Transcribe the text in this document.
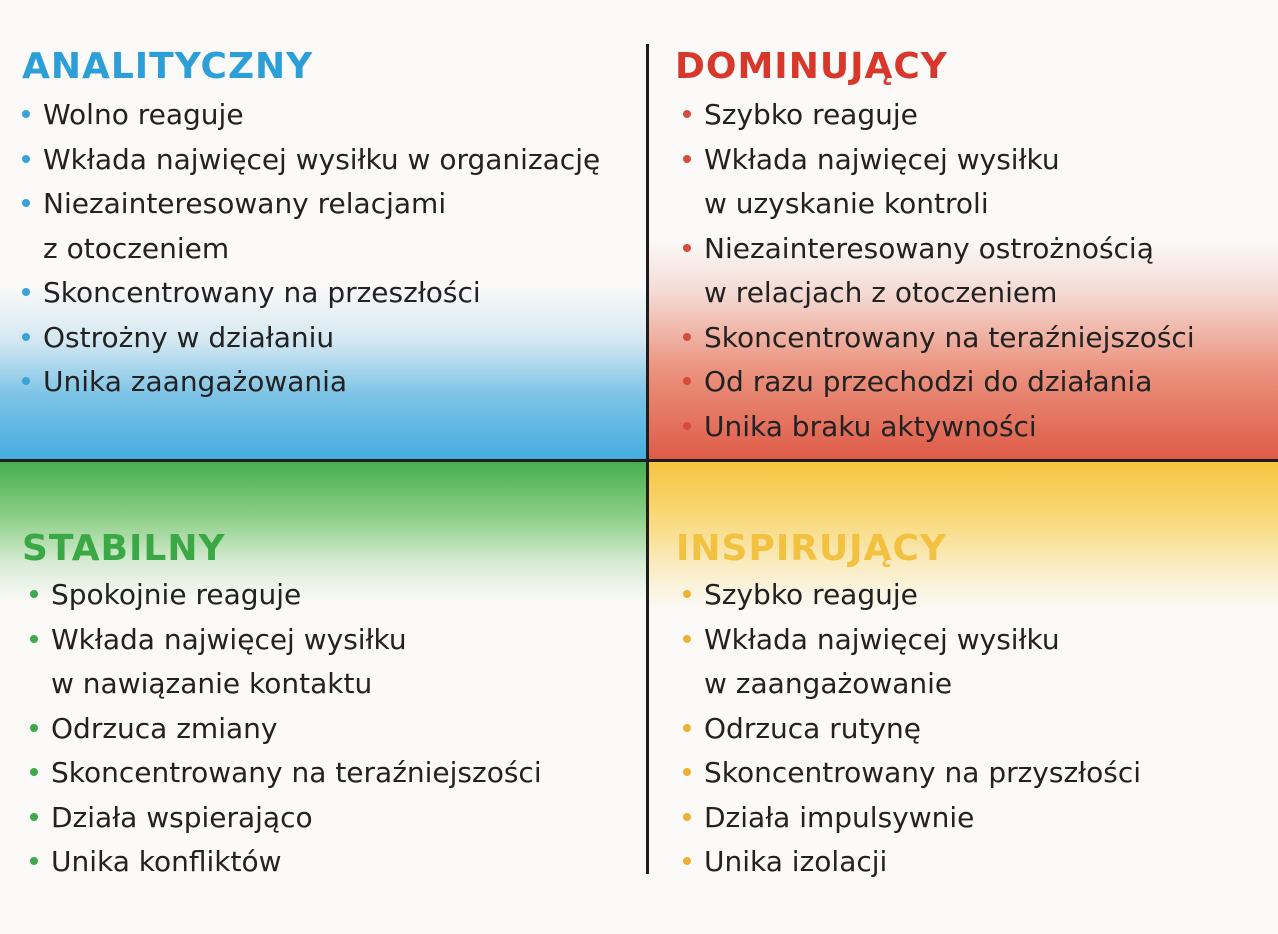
ANALITYCZNY
Wolno reaguje
Wkłada najwięcej wysiłku w organizację
Niezainteresowany relacjami
z otoczeniem
Skoncentrowany na przeszłości
Ostrożny w działaniu
Unika zaangażowania
DOMINUJĄCY
Szybko reaguje
Wkłada najwięcej wysiłku
w uzyskanie kontroli
Niezainteresowany ostrożnością
w relacjach z otoczeniem
Skoncentrowany na teraźniejszości
Od razu przechodzi do działania
Unika braku aktywności
STABILNY
Spokojnie reaguje
Wkłada najwięcej wysiłku
w nawiązanie kontaktu
Odrzuca zmiany
Skoncentrowany na teraźniejszości
Działa wspierająco
Unika konfliktów
INSPIRUJĄCY
Szybko reaguje
Wkłada najwięcej wysiłku
w zaangażowanie
Odrzuca rutynę
Skoncentrowany na przyszłości
Działa impulsywnie
Unika izolacji
